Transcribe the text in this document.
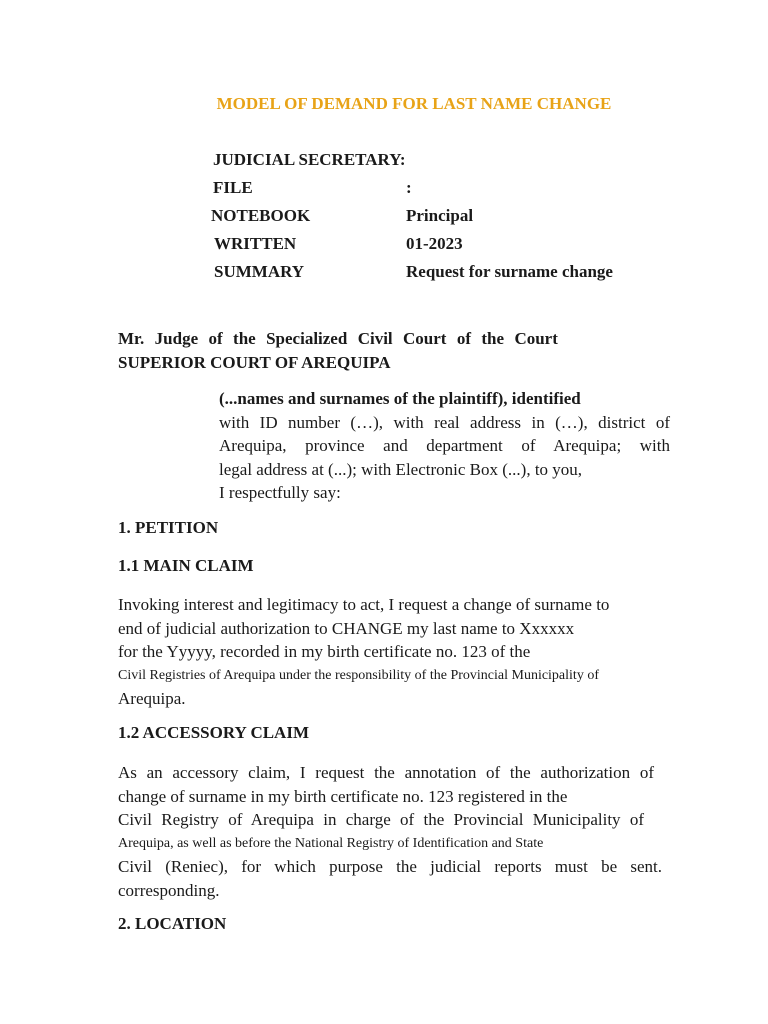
MODEL OF DEMAND FOR LAST NAME CHANGE
JUDICIAL SECRETARY:
FILE	:
NOTEBOOK	Principal
WRITTEN	01-2023
SUMMARY	Request for surname change
Mr. Judge of the Specialized Civil Court of the Court
SUPERIOR COURT OF AREQUIPA
(...names and surnames of the plaintiff), identified
with ID number (…), with real address in (…), district of
Arequipa, province and department of Arequipa; with
legal address at (...); with Electronic Box (...), to you,
I respectfully say:
1. PETITION
1.1 MAIN CLAIM
Invoking interest and legitimacy to act, I request a change of surname to
end of judicial authorization to CHANGE my last name to Xxxxxx
for the Yyyyy, recorded in my birth certificate no. 123 of the
Civil Registries of Arequipa under the responsibility of the Provincial Municipality of
Arequipa.
1.2 ACCESSORY CLAIM
As an accessory claim, I request the annotation of the authorization of
change of surname in my birth certificate no. 123 registered in the
Civil Registry of Arequipa in charge of the Provincial Municipality of
Arequipa, as well as before the National Registry of Identification and State
Civil (Reniec), for which purpose the judicial reports must be sent.
corresponding.
2. LOCATION
